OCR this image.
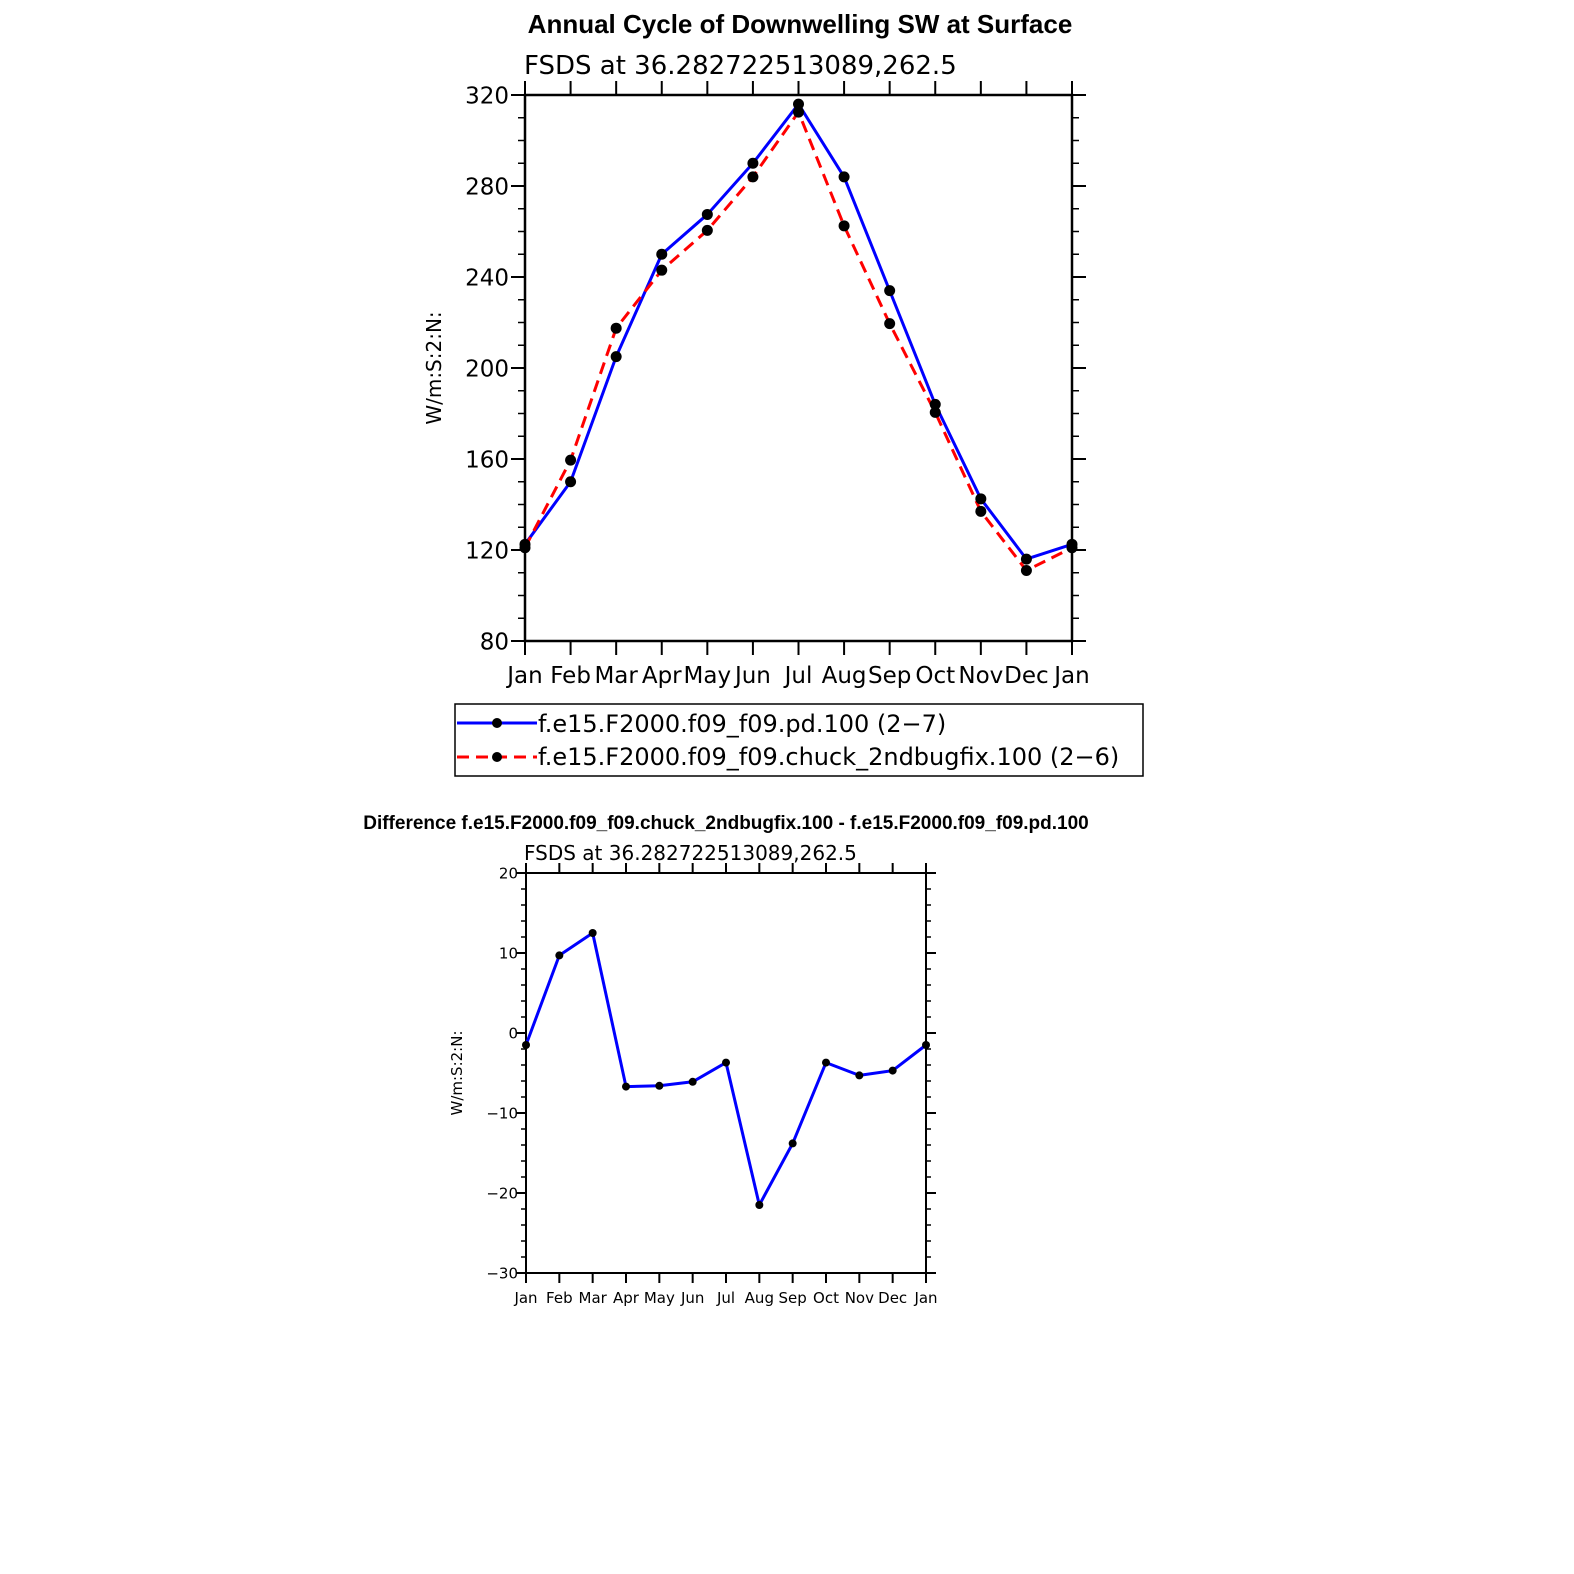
Annual Cycle of Downwelling SW at Surface
FSDS at 36.282722513089,262.5
W/m:S:2:N:
Jan Feb Mar Apr May Jun Jul Aug Sep Oct Nov Dec Jan
80
120
160
200
240
280
320
f.e15.F2000.f09_f09.pd.100 (2−7)
f.e15.F2000.f09_f09.chuck_2ndbugfix.100 (2−6)
Difference f.e15.F2000.f09_f09.chuck_2ndbugfix.100 - f.e15.F2000.f09_f09.pd.100
FSDS at 36.282722513089,262.5
W/m:S:2:N:
Jan Feb Mar Apr May Jun Jul Aug Sep Oct Nov Dec Jan
−30
−20
−10
0
10
20
